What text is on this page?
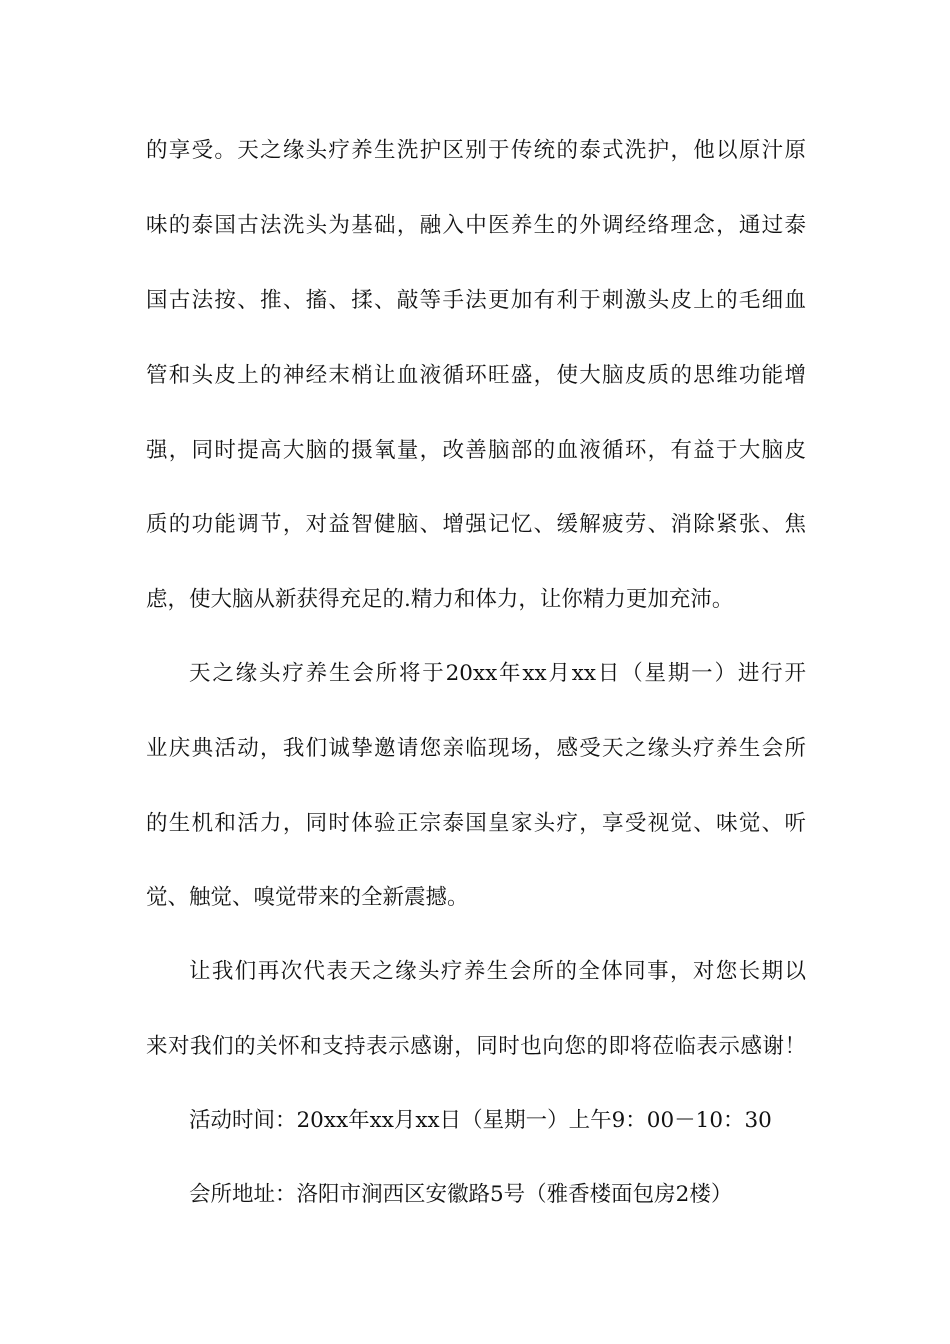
的享受。天之缘头疗养生洗护区别于传统的泰式洗护，他以原汁原
味的泰国古法洗头为基础，融入中医养生的外调经络理念，通过泰
国古法按、推、搐、揉、敲等手法更加有利于刺激头皮上的毛细血
管和头皮上的神经末梢让血液循环旺盛，使大脑皮质的思维功能增
强，同时提高大脑的摄氧量，改善脑部的血液循环，有益于大脑皮
质的功能调节，对益智健脑、增强记忆、缓解疲劳、消除紧张、焦
虑，使大脑从新获得充足的.精力和体力，让你精力更加充沛。
天之缘头疗养生会所将于20xx年xx月xx日（星期一）进行开
业庆典活动，我们诚挚邀请您亲临现场，感受天之缘头疗养生会所
的生机和活力，同时体验正宗泰国皇家头疗，享受视觉、味觉、听
觉、触觉、嗅觉带来的全新震撼。
让我们再次代表天之缘头疗养生会所的全体同事，对您长期以
来对我们的关怀和支持表示感谢，同时也向您的即将莅临表示感谢！
活动时间：20xx年xx月xx日（星期一）上午9：00－10：30
会所地址：洛阳市涧西区安徽路5号（雅香楼面包房2楼）
